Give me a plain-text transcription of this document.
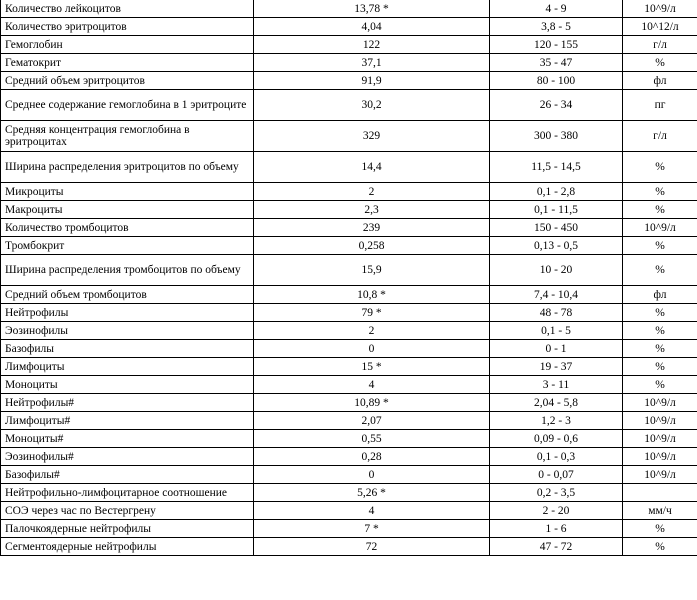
Количество лейкоцитов	13,78 *	4 - 9	10^9/л
Количество эритроцитов	4,04	3,8 - 5	10^12/л
Гемоглобин	122	120 - 155	г/л
Гематокрит	37,1	35 - 47	%
Средний объем эритроцитов	91,9	80 - 100	фл
Среднее содержание гемоглобина в 1 эритроците	30,2	26 - 34	пг
Средняя концентрация гемоглобина в эритроцитах	329	300 - 380	г/л
Ширина распределения эритроцитов по объему	14,4	11,5 - 14,5	%
Микроциты	2	0,1 - 2,8	%
Макроциты	2,3	0,1 - 11,5	%
Количество тромбоцитов	239	150 - 450	10^9/л
Тромбокрит	0,258	0,13 - 0,5	%
Ширина распределения тромбоцитов по объему	15,9	10 - 20	%
Средний объем тромбоцитов	10,8 *	7,4 - 10,4	фл
Нейтрофилы	79 *	48 - 78	%
Эозинофилы	2	0,1 - 5	%
Базофилы	0	0 - 1	%
Лимфоциты	15 *	19 - 37	%
Моноциты	4	3 - 11	%
Нейтрофилы#	10,89 *	2,04 - 5,8	10^9/л
Лимфоциты#	2,07	1,2 - 3	10^9/л
Моноциты#	0,55	0,09 - 0,6	10^9/л
Эозинофилы#	0,28	0,1 - 0,3	10^9/л
Базофилы#	0	0 - 0,07	10^9/л
Нейтрофильно-лимфоцитарное соотношение	5,26 *	0,2 - 3,5	
СОЭ через час по Вестергрену	4	2 - 20	мм/ч
Палочкоядерные нейтрофилы	7 *	1 - 6	%
Сегментоядерные нейтрофилы	72	47 - 72	%
